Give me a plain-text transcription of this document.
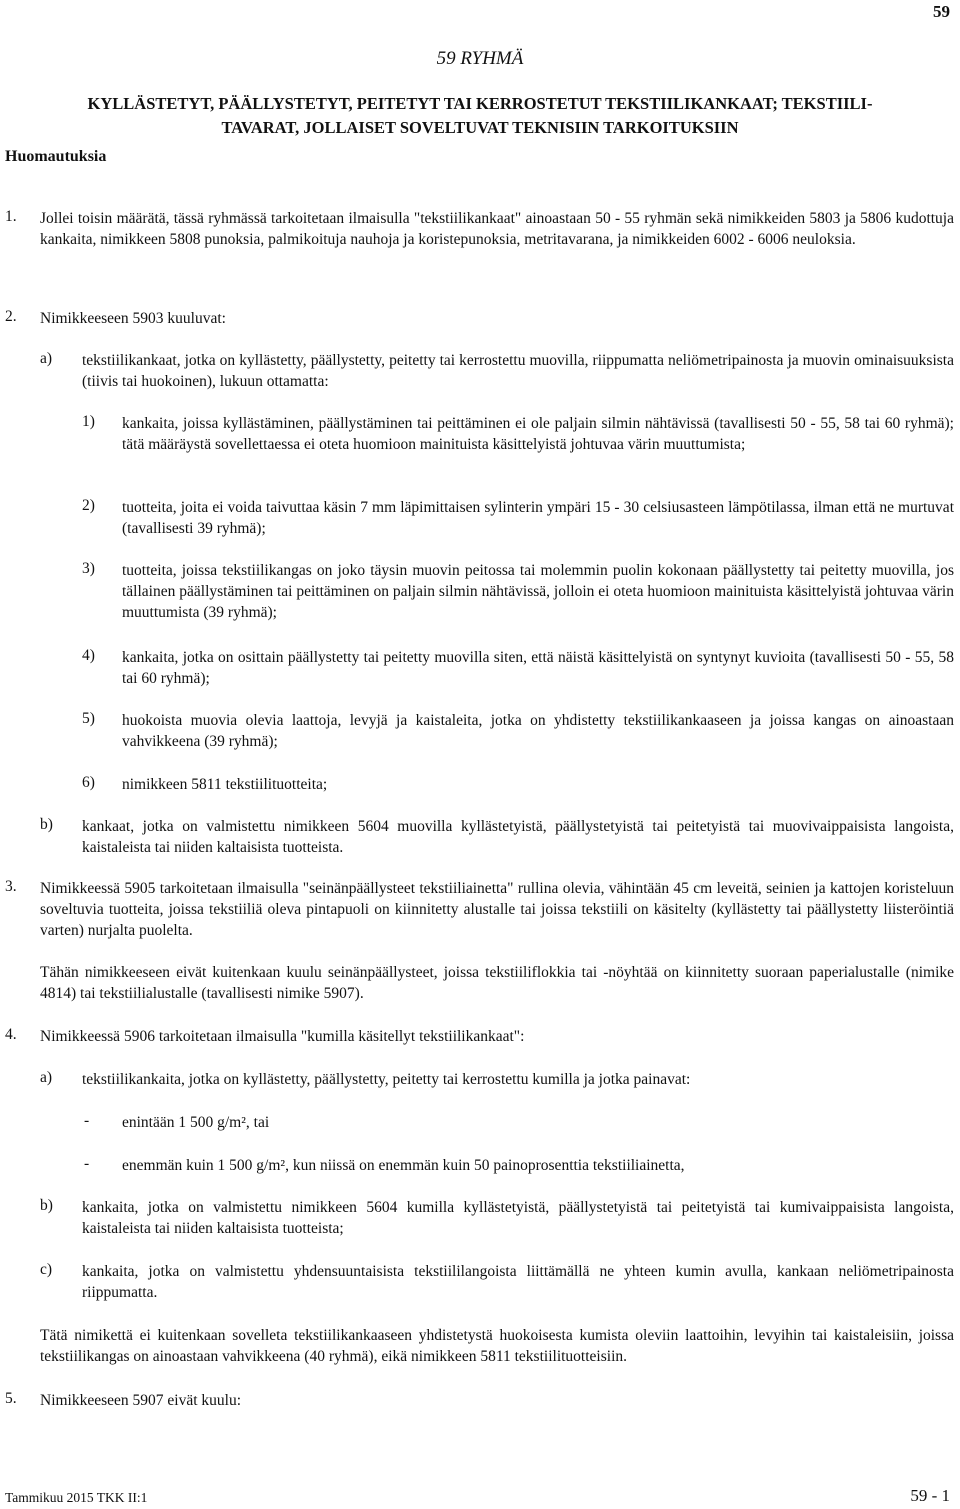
59
59 RYHMÄ
KYLLÄSTETYT, PÄÄLLYSTETYT, PEITETYT TAI KERROSTETUT TEKSTIILIKANKAAT; TEKSTIILI-
TAVARAT, JOLLAISET SOVELTUVAT TEKNISIIN TARKOITUKSIIN
Huomautuksia
1. Jollei toisin määrätä, tässä ryhmässä tarkoitetaan ilmaisulla "tekstiilikankaat" ainoastaan 50 - 55 ryhmän sekä nimikkeiden 5803 ja 5806 kudottuja kankaita, nimikkeen 5808 punoksia, palmikoituja nauhoja ja koristepunoksia, metritavarana, ja nimikkeiden 6002 - 6006 neuloksia.
2. Nimikkeeseen 5903 kuuluvat:
a) tekstiilikankaat, jotka on kyllästetty, päällystetty, peitetty tai kerrostettu muovilla, riippumatta neliömetripainosta ja muovin ominaisuuksista (tiivis tai huokoinen), lukuun ottamatta:
1) kankaita, joissa kyllästäminen, päällystäminen tai peittäminen ei ole paljain silmin nähtävissä (tavallisesti 50 - 55, 58 tai 60 ryhmä); tätä määräystä sovellettaessa ei oteta huomioon mainituista käsittelyistä johtuvaa värin muuttumista;
2) tuotteita, joita ei voida taivuttaa käsin 7 mm läpimittaisen sylinterin ympäri 15 - 30 celsiusasteen lämpötilassa, ilman että ne murtuvat (tavallisesti 39 ryhmä);
3) tuotteita, joissa tekstiilikangas on joko täysin muovin peitossa tai molemmin puolin kokonaan päällystetty tai peitetty muovilla, jos tällainen päällystäminen tai peittäminen on paljain silmin nähtävissä, jolloin ei oteta huomioon mainituista käsittelyistä johtuvaa värin muuttumista (39 ryhmä);
4) kankaita, jotka on osittain päällystetty tai peitetty muovilla siten, että näistä käsittelyistä on syntynyt kuvioita (tavallisesti 50 - 55, 58 tai 60 ryhmä);
5) huokoista muovia olevia laattoja, levyjä ja kaistaleita, jotka on yhdistetty tekstiilikankaaseen ja joissa kangas on ainoastaan vahvikkeena (39 ryhmä);
6) nimikkeen 5811 tekstiilituotteita;
b) kankaat, jotka on valmistettu nimikkeen 5604 muovilla kyllästetyistä, päällystetyistä tai peitetyistä tai muovivaippaisista langoista, kaistaleista tai niiden kaltaisista tuotteista.
3. Nimikkeessä 5905 tarkoitetaan ilmaisulla "seinänpäällysteet tekstiiliainetta" rullina olevia, vähintään 45 cm leveitä, seinien ja kattojen koristeluun soveltuvia tuotteita, joissa tekstiiliä oleva pintapuoli on kiinnitetty alustalle tai joissa tekstiili on käsitelty (kyllästetty tai päällystetty liisteröintiä varten) nurjalta puolelta.
Tähän nimikkeeseen eivät kuitenkaan kuulu seinänpäällysteet, joissa tekstiiliflokkia tai -nöyhtää on kiinnitetty suoraan paperialustalle (nimike 4814) tai tekstiilialustalle (tavallisesti nimike 5907).
4. Nimikkeessä 5906 tarkoitetaan ilmaisulla "kumilla käsitellyt tekstiilikankaat":
a) tekstiilikankaita, jotka on kyllästetty, päällystetty, peitetty tai kerrostettu kumilla ja jotka painavat:
- enintään 1 500 g/m², tai
- enemmän kuin 1 500 g/m², kun niissä on enemmän kuin 50 painoprosenttia tekstiiliainetta,
b) kankaita, jotka on valmistettu nimikkeen 5604 kumilla kyllästetyistä, päällystetyistä tai peitetyistä tai kumivaippaisista langoista, kaistaleista tai niiden kaltaisista tuotteista;
c) kankaita, jotka on valmistettu yhdensuuntaisista tekstiililangoista liittämällä ne yhteen kumin avulla, kankaan neliömetripainosta riippumatta.
Tätä nimikettä ei kuitenkaan sovelleta tekstiilikankaaseen yhdistetystä huokoisesta kumista oleviin laattoihin, levyihin tai kaistaleisiin, joissa tekstiilikangas on ainoastaan vahvikkeena (40 ryhmä), eikä nimikkeen 5811 tekstiilituotteisiin.
5. Nimikkeeseen 5907 eivät kuulu:
Tammikuu 2015 TKK II:1	59 - 1
